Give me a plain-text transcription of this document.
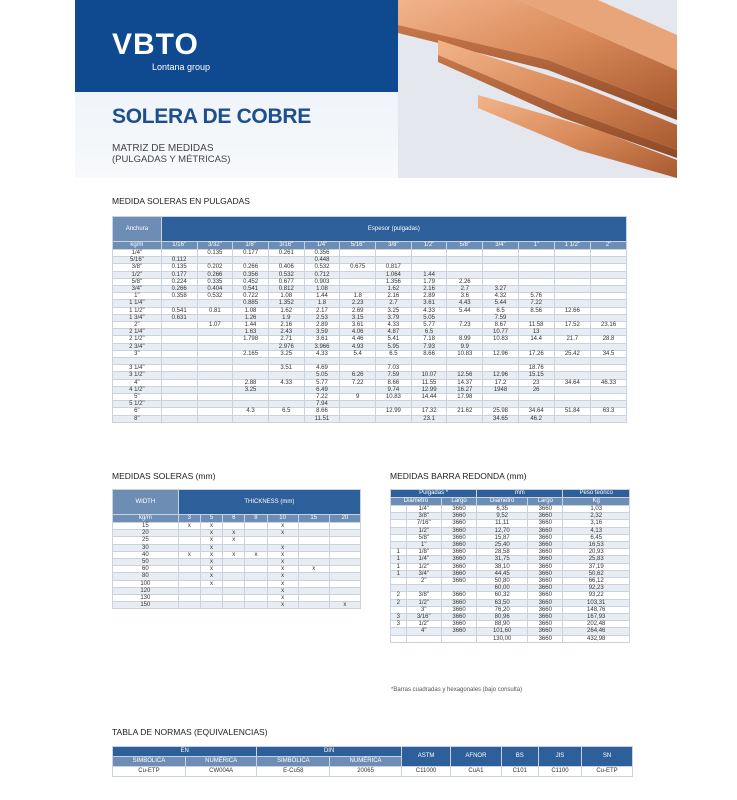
VBTO
Lontana group
SOLERA DE COBRE
MATRIZ DE MEDIDAS
(PULGADAS Y MÉTRICAS)
MEDIDA SOLERAS EN PULGADAS
Anchura	Espesor (pulgadas)												
kg/m	1/16"	3/32"	1/8"	3/16"	1/4"	5/16"	3/8"	1/2"	5/8"	3/4"	1"	1 1/2"	2"
1/4"		0.135	0.177	0.261	0.356								
5/16"	0.112				0.448								
3/8"	0.135	0.202	0.266	0.406	0.532	0.675	0.817						
1/2"	0.177	0.266	0.356	0.532	0.712		1.064	1.44					
5/8"	0.224	0.335	0.452	0.677	0.903		1.356	1.79	2.26				
3/4"	0.266	0.404	0.541	0.812	1.08		1.62	2.16	2.7	3.27			
1"	0.358	0.532	0.722	1.08	1.44	1.8	2.16	2.89	3.6	4.32	5.76		
1 1/4"			0.885	1.352	1.8	2.23	2.7	3.61	4.43	5.44	7.22		
1 1/2"	0.541	0.81	1.08	1.62	2.17	2.69	3.25	4.33	5.44	6.5	8.56	12.66	
1 3/4"	0.631		1.26	1.9	2.53	3.15	3.79	5.05		7.59			
2"		1.07	1.44	2.16	2.89	3.61	4.33	5.77	7.23	8.67	11.58	17.52	23.16
2 1/4"			1.63	2.43	3.59	4.06	4.87	6.5		10.77	13		
2 1/2"			1.798	2.71	3.61	4.46	5.41	7.18	8.99	10.83	14.4	21.7	28.8
2 3/4"				2.976	3.966	4.93	5.95	7.93	9.9				
3"			2.165	3.25	4.33	5.4	6.5	8.66	10.83	12.96	17.26	25.42	34.5

3 1/4"				3.51	4.69		7.03				18.76		
3 1/2"					5.05	6.26	7.59	10.07	12.56	12.96	15.15		
4"			2.88	4.33	5.77	7.22	8.66	11.55	14.37	17.2	23	34.64	46.33
4 1/2"			3.25		6.49		9.74	12.99	16.27	1948	26		
5"					7.22	9	10.83	14.44	17.98				
5 1/2"					7.94								
6"			4.3	6.5	8.66		12.99	17.32	21.62	25.98	34.64	51.84	63.3
8"					11.51			23.1		34.65	46.2		
MEDIDAS SOLERAS (mm)
WIDTH	THICKNESS (mm)						
kg/m	3	5	6	8	10	15	20
15	x	x			x		
20		x	x		x		
25		x	x				
30		x			x		
40	x	x	x	x	x		
50		x			x		
60		x			x	x	
80		x			x		
100		x			x		
120					x		
130					x		
150					x		x
MEDIDAS BARRA REDONDA (mm)
Pulgadas *			mm		Peso teórico
Diámetro		Largo	Diámetro	Largo	Kg
	1/4"	3660	6,35	3660	1,03
	3/8"	3660	9,52	3660	2,32
	7/16"	3660	11,11	3660	3,16
	1/2"	3660	12,70	3660	4,13
	5/8"	3660	15,87	3660	6,45
	1"	3660	25,40	3660	16,53
1	1/8"	3660	28,58	3660	20,93
1	1/4"	3660	31,75	3660	25,83
1	1/2"	3660	38,10	3660	37,19
1	3/4"	3660	44,45	3660	50,62
	2"	3660	50,80	3660	66,12
			60,00	3660	92,23
2	3/8"	3660	60,32	3660	93,22
2	1/2"	3660	63,50	3660	103,31
	3"	3660	76,20	3660	148,76
3	3/16"	3660	80,96	3660	167,93
3	1/2"	3660	88,90	3660	202,48
	4"	3660	101,60	3660	264,46
			130,00	3660	432,98
*Barras cuadradas y hexagonales (bajo consulta)
TABLA DE NORMAS (EQUIVALENCIAS)
EN		DIN		ASTM	AFNOR	BS	JIS	SN
SIMBÓLICA	NUMÉRICA	SIMBÓLICA	NUMÉRICA					
Cu-ETP	CW004A	E-Cu58	20065	C11000	CuA1	C101	C1100	Cu-ETP
